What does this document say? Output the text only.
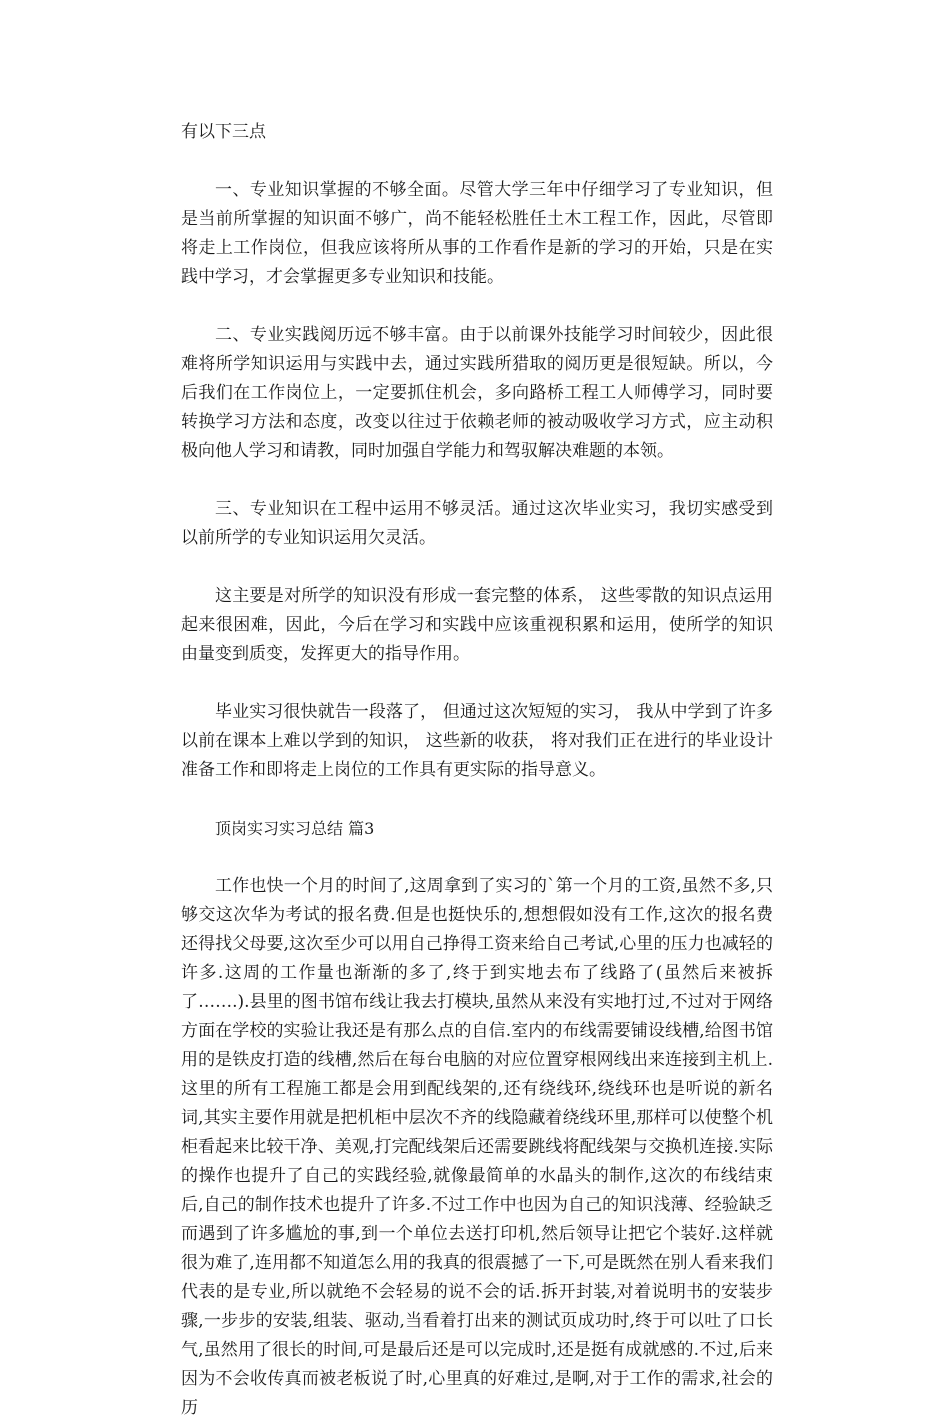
有以下三点

一、专业知识掌握的不够全面。尽管大学三年中仔细学习了专业知识，但是当前所掌握的知识面不够广，尚不能轻松胜任土木工程工作，因此，尽管即将走上工作岗位，但我应该将所从事的工作看作是新的学习的开始，只是在实践中学习，才会掌握更多专业知识和技能。

二、专业实践阅历远不够丰富。由于以前课外技能学习时间较少，因此很难将所学知识运用与实践中去，通过实践所猎取的阅历更是很短缺。所以，今后我们在工作岗位上，一定要抓住机会，多向路桥工程工人师傅学习，同时要转换学习方法和态度，改变以往过于依赖老师的被动吸收学习方式，应主动积极向他人学习和请教，同时加强自学能力和驾驭解决难题的本领。

三、专业知识在工程中运用不够灵活。通过这次毕业实习，我切实感受到以前所学的专业知识运用欠灵活。

这主要是对所学的知识没有形成一套完整的体系， 这些零散的知识点运用起来很困难，因此，今后在学习和实践中应该重视积累和运用，使所学的知识由量变到质变，发挥更大的指导作用。

毕业实习很快就告一段落了， 但通过这次短短的实习， 我从中学到了许多以前在课本上难以学到的知识， 这些新的收获， 将对我们正在进行的毕业设计准备工作和即将走上岗位的工作具有更实际的指导意义。

顶岗实习实习总结 篇3

工作也快一个月的时间了,这周拿到了实习的`第一个月的工资,虽然不多,只够交这次华为考试的报名费.但是也挺快乐的,想想假如没有工作,这次的报名费还得找父母要,这次至少可以用自己挣得工资来给自己考试,心里的压力也减轻的许多.这周的工作量也渐渐的多了,终于到实地去布了线路了(虽然后来被拆了…….).县里的图书馆布线让我去打模块,虽然从来没有实地打过,不过对于网络方面在学校的实验让我还是有那么点的自信.室内的布线需要铺设线槽,给图书馆用的是铁皮打造的线槽,然后在每台电脑的对应位置穿根网线出来连接到主机上.这里的所有工程施工都是会用到配线架的,还有绕线环,绕线环也是听说的新名词,其实主要作用就是把机柜中层次不齐的线隐藏着绕线环里,那样可以使整个机柜看起来比较干净、美观,打完配线架后还需要跳线将配线架与交换机连接.实际的操作也提升了自己的实践经验,就像最简单的水晶头的制作,这次的布线结束后,自己的制作技术也提升了许多.不过工作中也因为自己的知识浅薄、经验缺乏而遇到了许多尴尬的事,到一个单位去送打印机,然后领导让把它个装好.这样就很为难了,连用都不知道怎么用的我真的很震撼了一下,可是既然在别人看来我们代表的是专业,所以就绝不会轻易的说不会的话.拆开封装,对着说明书的安装步骤,一步步的安装,组装、驱动,当看着打出来的测试页成功时,终于可以吐了口长气,虽然用了很长的时间,可是最后还是可以完成时,还是挺有成就感的.不过,后来因为不会收传真而被老板说了时,心里真的好难过,是啊,对于工作的需求,社会的历
